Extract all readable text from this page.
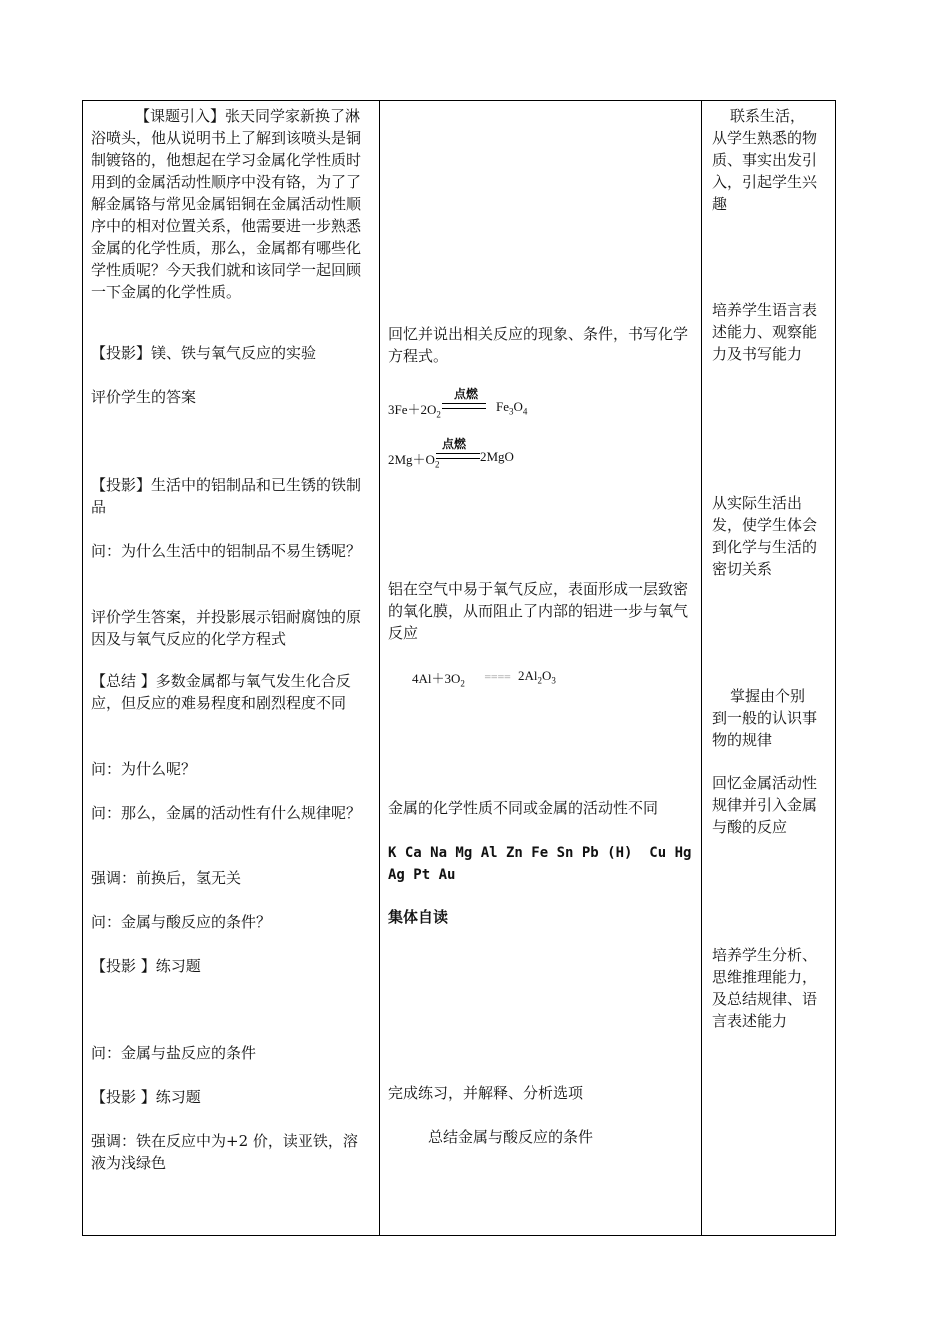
【课题引入】张天同学家新换了淋浴喷头，他从说明书上了解到该喷头是铜制镀铬的，他想起在学习金属化学性质时用到的金属活动性顺序中没有铬，为了了解金属铬与常见金属铝铜在金属活动性顺序中的相对位置关系，他需要进一步熟悉金属的化学性质，那么，金属都有哪些化学性质呢？今天我们就和该同学一起回顾一下金属的化学性质。

【投影】镁、铁与氧气反应的实验

评价学生的答案

【投影】生活中的铝制品和已生锈的铁制品

问：为什么生活中的铝制品不易生锈呢？

评价学生答案，并投影展示铝耐腐蚀的原因及与氧气反应的化学方程式

【总结 】多数金属都与氧气发生化合反应，但反应的难易程度和剧烈程度不同

问：为什么呢？

问：那么，金属的活动性有什么规律呢？

强调：前换后，氢无关

问：金属与酸反应的条件？

【投影 】练习题

问：金属与盐反应的条件

【投影 】练习题

强调：铁在反应中为+2 价，读亚铁，溶液为浅绿色

回忆并说出相关反应的现象、条件，书写化学方程式。

点燃
$3Fe+2O_2$
$Fe_3O_4$
点燃
$2Mg+O_2$
2MgO

铝在空气中易于氧气反应，表面形成一层致密的氧化膜，从而阻止了内部的铝进一步与氧气反应

$4Al+3O_2$
==== $2Al_2O_3$

金属的化学性质不同或金属的活动性不同

K Ca Na Mg Al Zn Fe Sn Pb (H)  Cu Hg Ag Pt Au

集体自读

完成练习，并解释、分析选项

总结金属与酸反应的条件

联系生活，从学生熟悉的物质、事实出发引入，引起学生兴趣

培养学生语言表述能力、观察能力及书写能力

从实际生活出发，使学生体会到化学与生活的密切关系

掌握由个别到一般的认识事物的规律

回忆金属活动性规律并引入金属与酸的反应

培养学生分析、思维推理能力，及总结规律、语言表述能力
